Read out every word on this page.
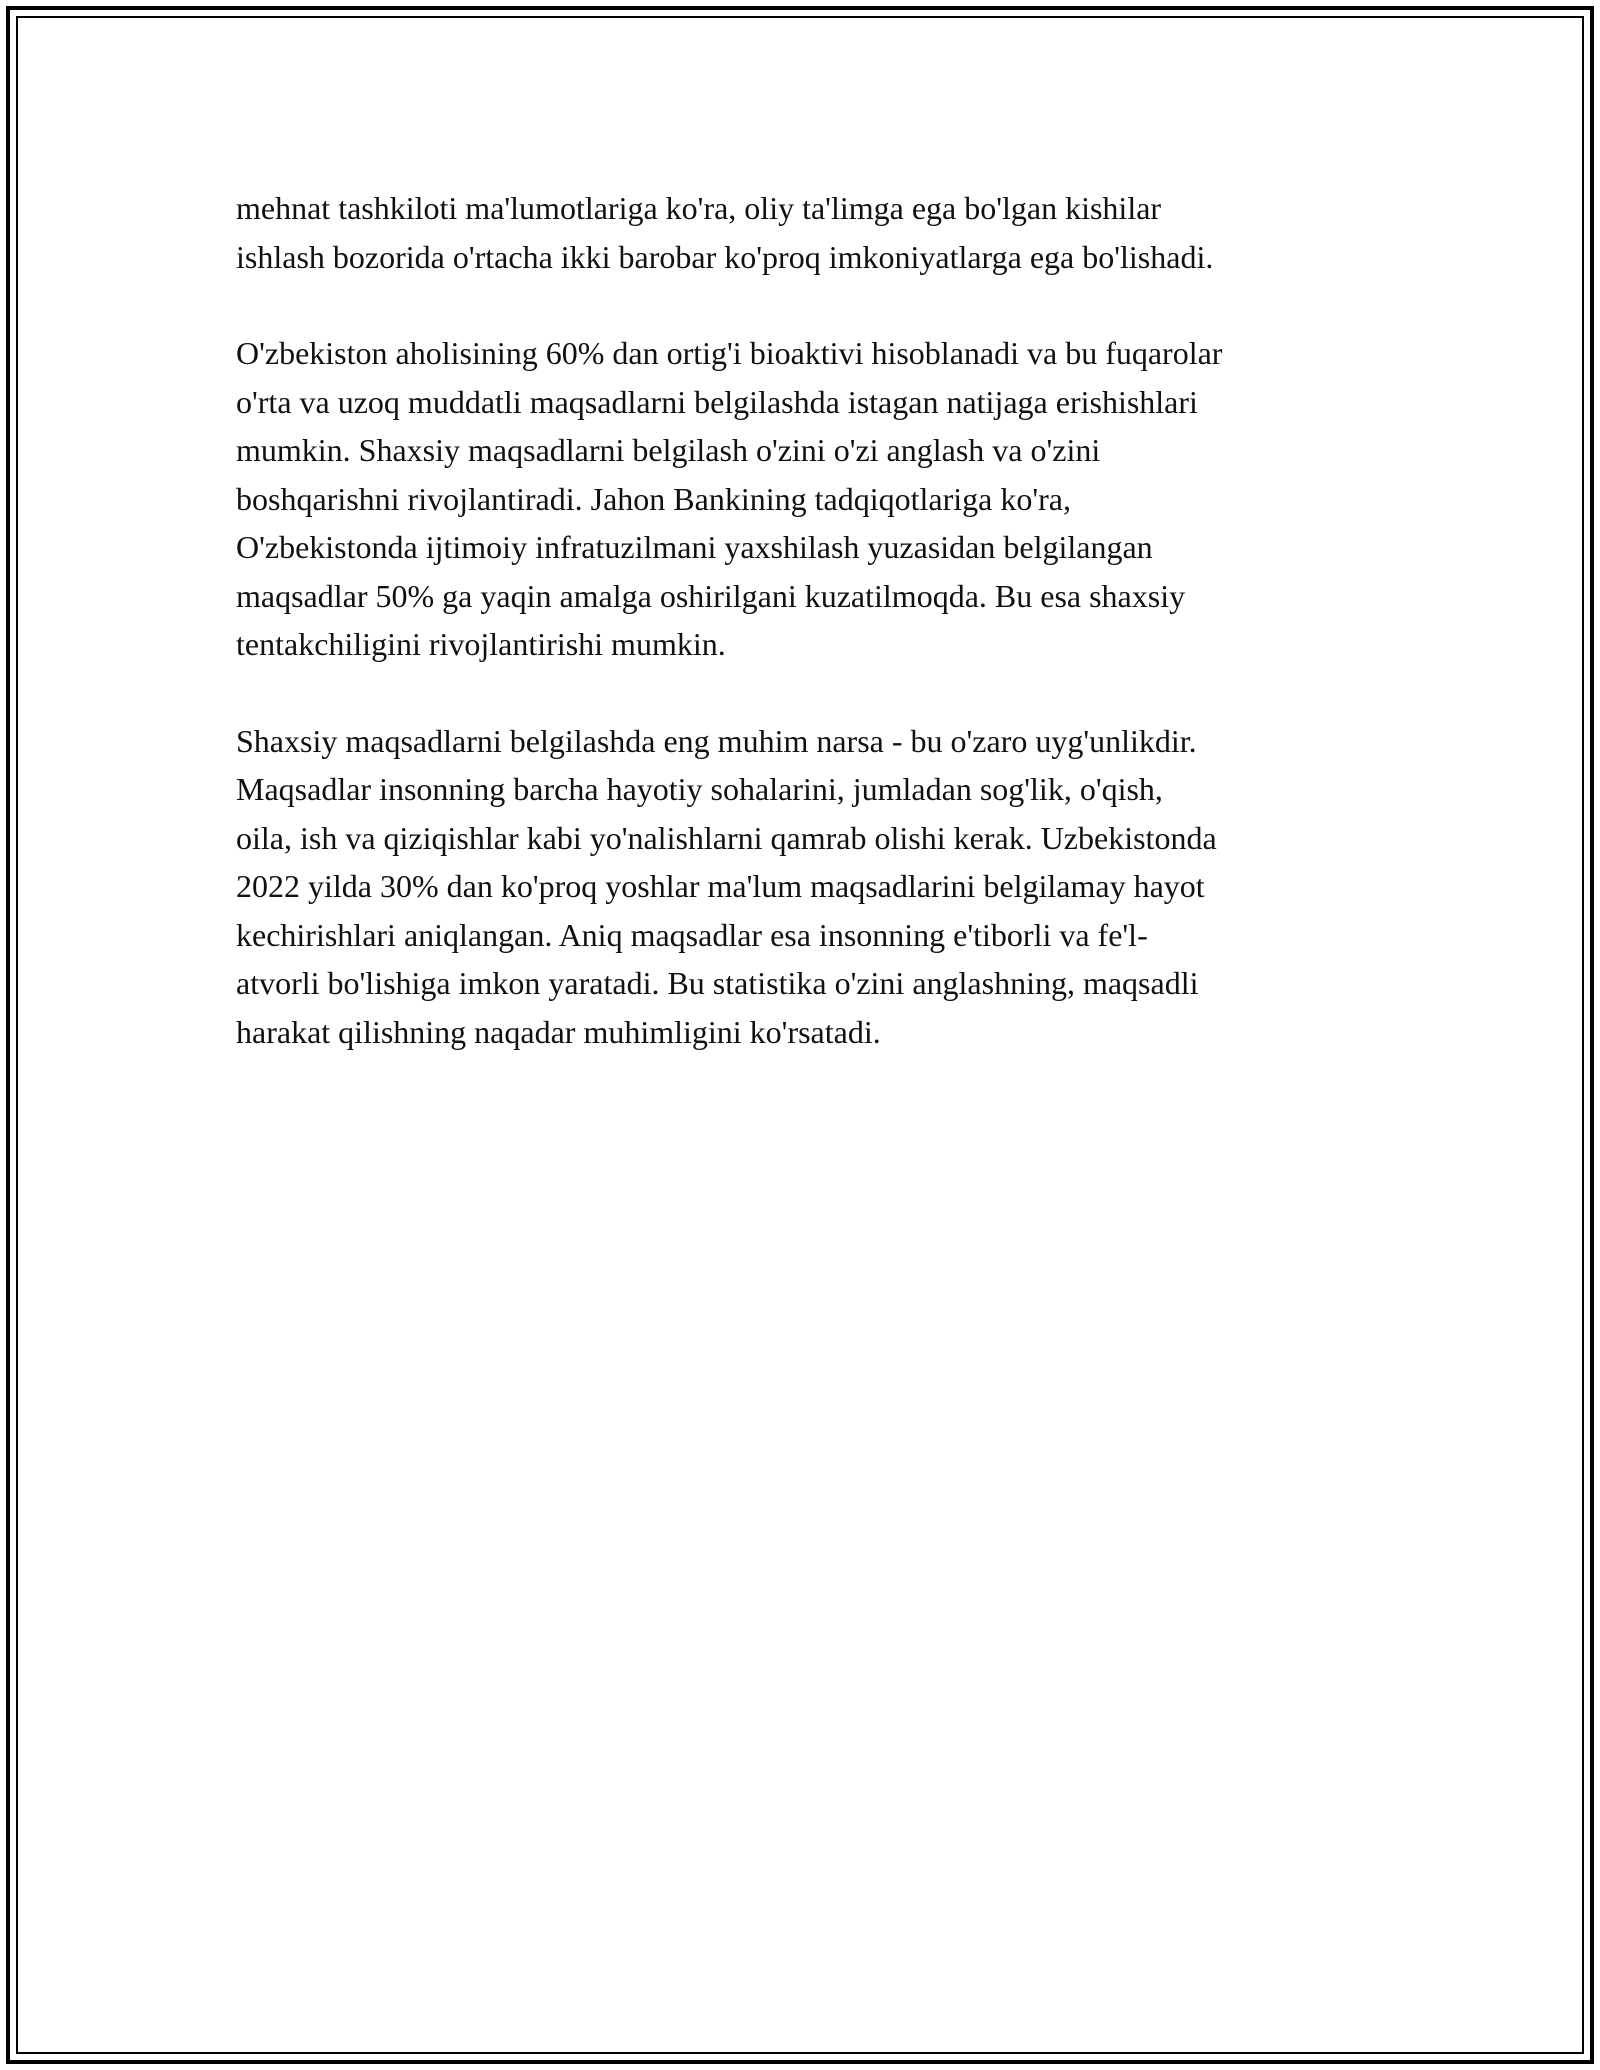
mehnat tashkiloti ma'lumotlariga ko'ra, oliy ta'limga ega bo'lgan kishilar
ishlash bozorida o'rtacha ikki barobar ko'proq imkoniyatlarga ega bo'lishadi.
O'zbekiston aholisining 60% dan ortig'i bioaktivi hisoblanadi va bu fuqarolar
o'rta va uzoq muddatli maqsadlarni belgilashda istagan natijaga erishishlari
mumkin. Shaxsiy maqsadlarni belgilash o'zini o'zi anglash va o'zini
boshqarishni rivojlantiradi. Jahon Bankining tadqiqotlariga ko'ra,
O'zbekistonda ijtimoiy infratuzilmani yaxshilash yuzasidan belgilangan
maqsadlar 50% ga yaqin amalga oshirilgani kuzatilmoqda. Bu esa shaxsiy
tentakchiligini rivojlantirishi mumkin.
Shaxsiy maqsadlarni belgilashda eng muhim narsa - bu o'zaro uyg'unlikdir.
Maqsadlar insonning barcha hayotiy sohalarini, jumladan sog'lik, o'qish,
oila, ish va qiziqishlar kabi yo'nalishlarni qamrab olishi kerak. Uzbekistonda
2022 yilda 30% dan ko'proq yoshlar ma'lum maqsadlarini belgilamay hayot
kechirishlari aniqlangan. Aniq maqsadlar esa insonning e'tiborli va fe'l-
atvorli bo'lishiga imkon yaratadi. Bu statistika o'zini anglashning, maqsadli
harakat qilishning naqadar muhimligini ko'rsatadi.
